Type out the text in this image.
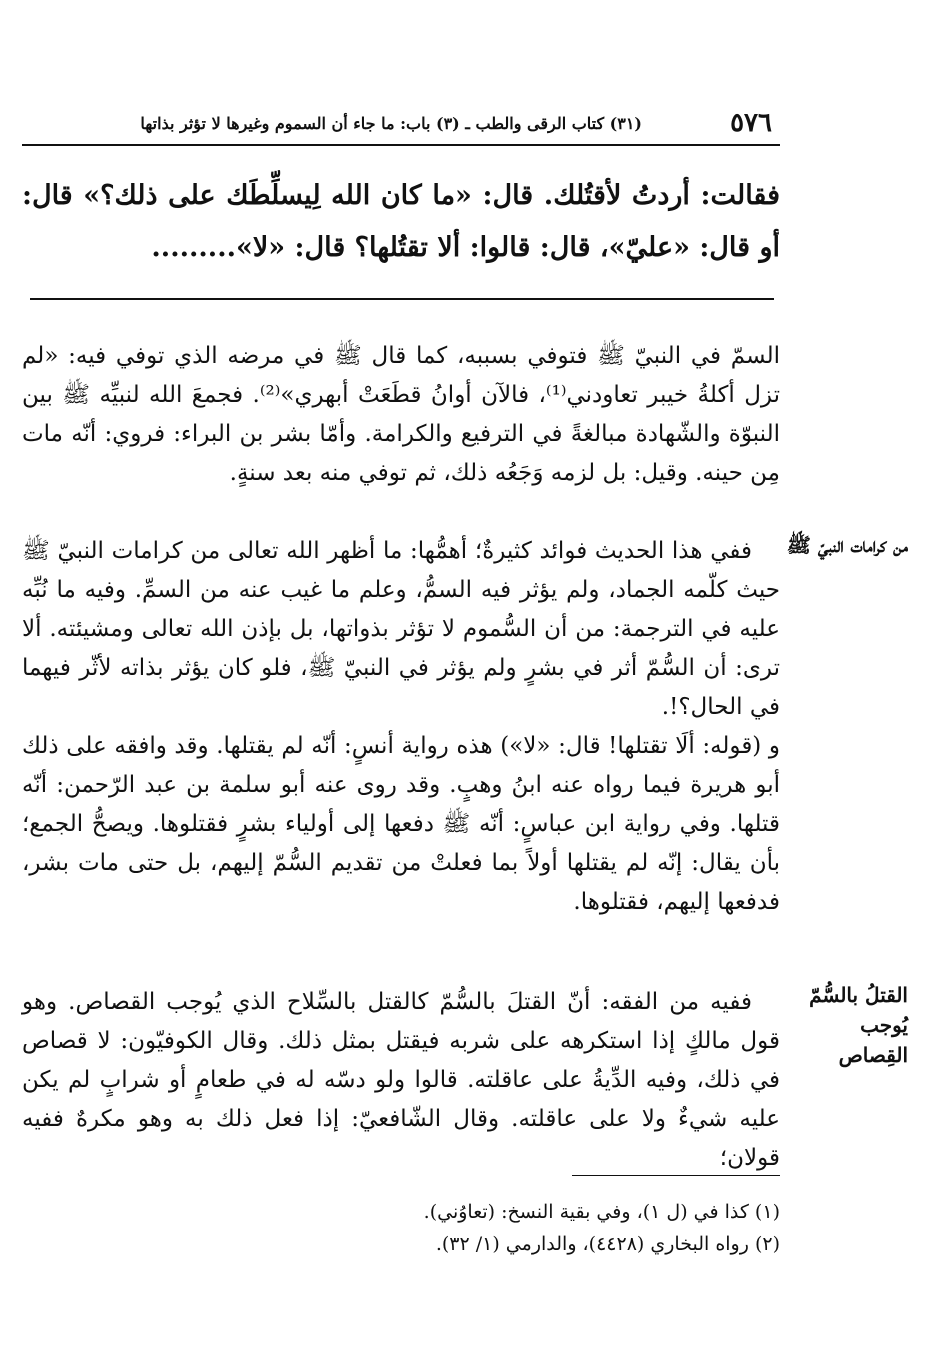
٥٧٦
(٣١) كتاب الرقى والطب ـ (٣) باب: ما جاء أن السموم وغيرها لا تؤثر بذاتها

فقالت: أردتُ لأقتُلك. قال: «ما كان الله لِيسلِّطَك على ذلك؟» قال: أو قال: «عليّ»، قال: قالوا: ألا تقتُلها؟ قال: «لا».........

السمّ في النبيّ ﷺ فتوفي بسببه، كما قال ﷺ في مرضه الذي توفي فيه: «لم تزل أكلةُ خيبر تعاودني⁽¹⁾، فالآن أوانُ قطَعَتْ أبهري»⁽²⁾. فجمعَ الله لنبيِّه ﷺ بين النبوّة والشّهادة مبالغةً في الترفيع والكرامة. وأمّا بشر بن البراء: فروي: أنّه مات مِن حينه. وقيل: بل لزمه وَجَعُه ذلك، ثم توفي منه بعد سنةٍ.

من كرامات النبيّ ﷺ

ففي هذا الحديث فوائد كثيرةٌ؛ أهمُّها: ما أظهر الله تعالى من كرامات النبيّ ﷺ حيث كلّمه الجماد، ولم يؤثر فيه السمُّ، وعلم ما غيب عنه من السمِّ. وفيه ما نُبِّه عليه في الترجمة: من أن السُّموم لا تؤثر بذواتها، بل بإذن الله تعالى ومشيئته. ألا ترى: أن السُّمّ أثر في بشرٍ ولم يؤثر في النبيّ ﷺ، فلو كان يؤثر بذاته لأثّر فيهما في الحال؟!.

و (قوله: ألَا تقتلها! قال: «لا») هذه رواية أنسٍ: أنّه لم يقتلها. وقد وافقه على ذلك أبو هريرة فيما رواه عنه ابنُ وهبٍ. وقد روى عنه أبو سلمة بن عبد الرّحمن: أنّه قتلها. وفي رواية ابن عباسٍ: أنّه ﷺ دفعها إلى أولياء بشرٍ فقتلوها. ويصحُّ الجمع؛ بأن يقال: إنّه لم يقتلها أولاً بما فعلتْ من تقديم السُّمّ إليهم، بل حتى مات بشر، فدفعها إليهم، فقتلوها.

القتلُ بالسُّمّ يُوجب القِصاص

ففيه من الفقه: أنّ القتلَ بالسُّمّ كالقتل بالسِّلاح الذي يُوجب القصاص. وهو قول مالكٍ إذا استكرهه على شربه فيقتل بمثل ذلك. وقال الكوفيّون: لا قصاص في ذلك، وفيه الدِّيةُ على عاقلته. قالوا ولو دسّه له في طعامٍ أو شرابٍ لم يكن عليه شيءٌ ولا على عاقلته. وقال الشّافعيّ: إذا فعل ذلك به وهو مكرهٌ ففيه قولان؛

(١) كذا في (ل ١)، وفي بقية النسخ: (تعاوُني).

(٢) رواه البخاري (٤٤٢٨)، والدارمي (١/ ٣٢).
